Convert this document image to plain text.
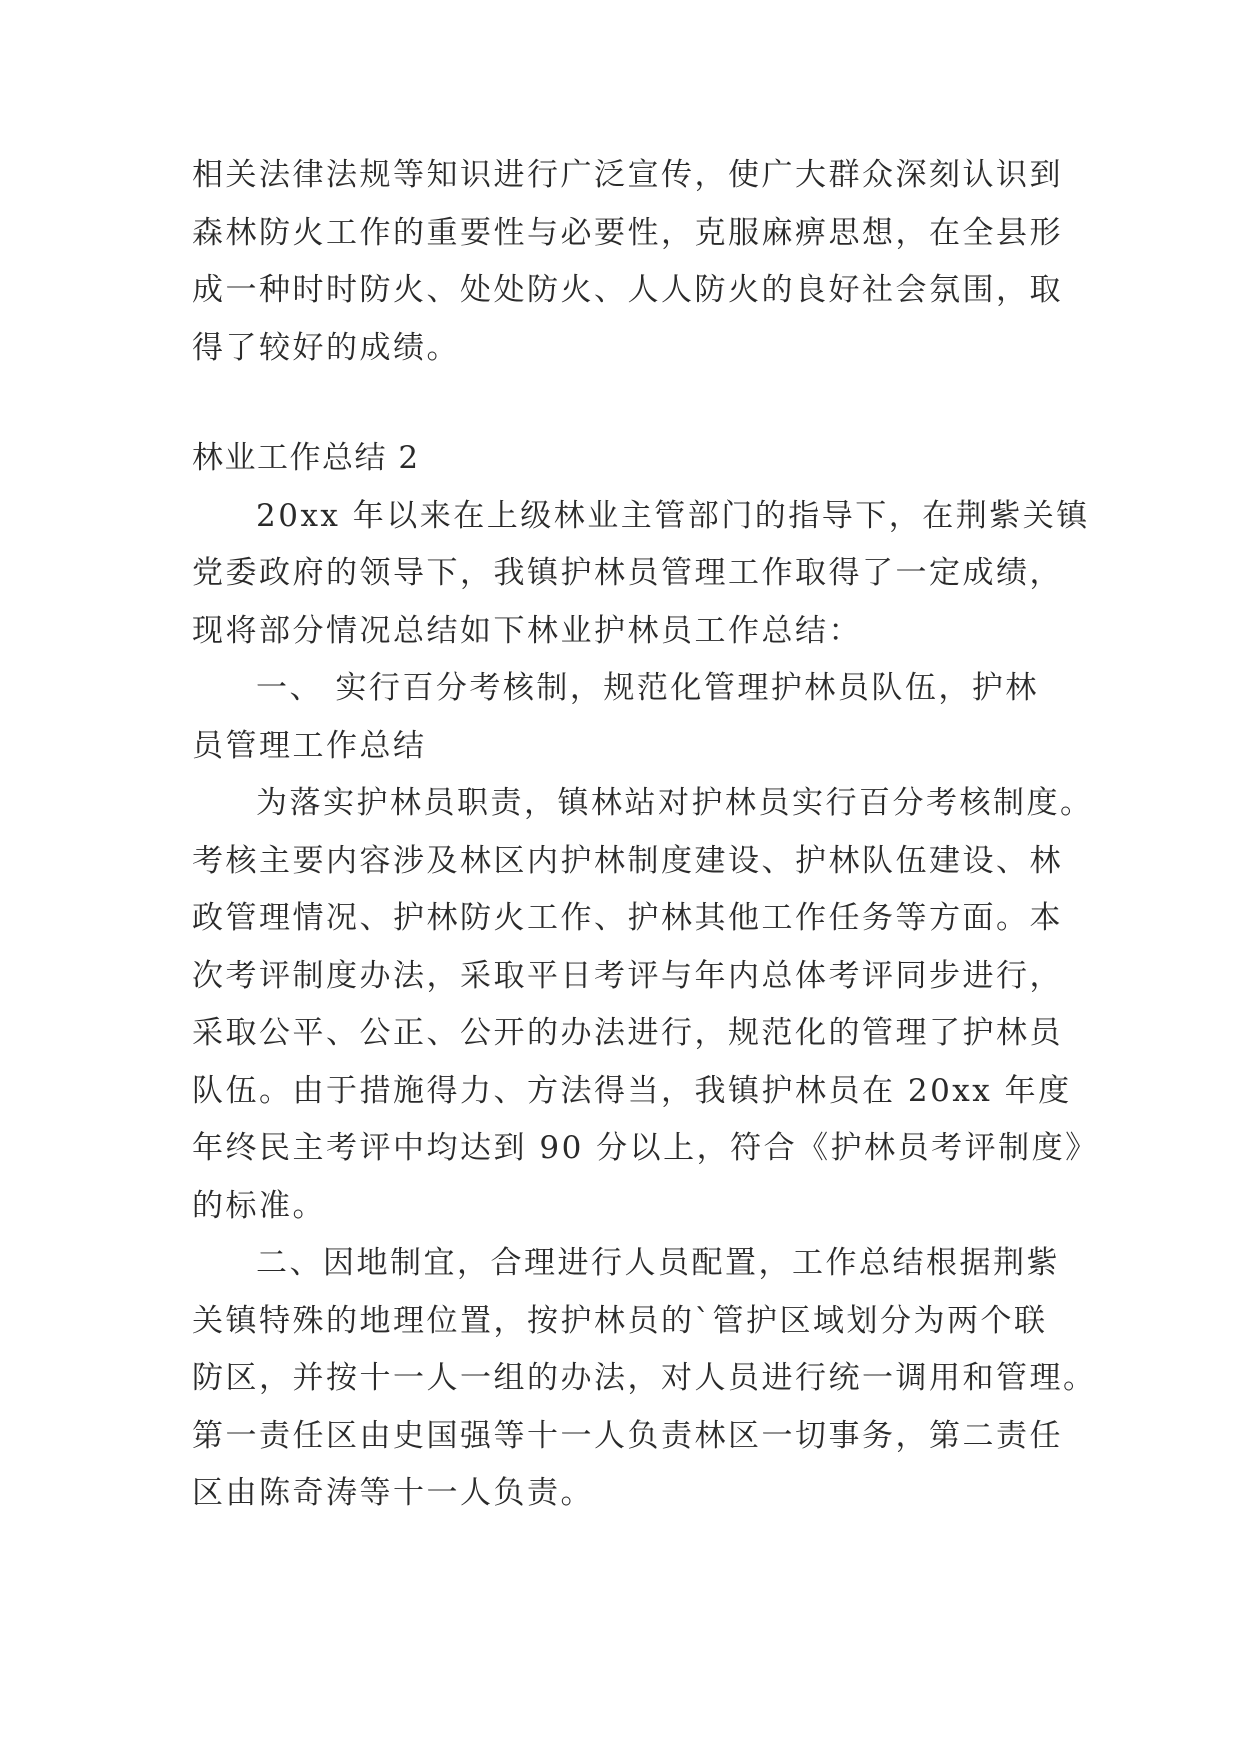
相关法律法规等知识进行广泛宣传，使广大群众深刻认识到
森林防火工作的重要性与必要性，克服麻痹思想，在全县形
成一种时时防火、处处防火、人人防火的良好社会氛围，取
得了较好的成绩。
林业工作总结 2
20xx 年以来在上级林业主管部门的指导下，在荆紫关镇
党委政府的领导下，我镇护林员管理工作取得了一定成绩，
现将部分情况总结如下林业护林员工作总结：
一、 实行百分考核制，规范化管理护林员队伍，护林
员管理工作总结
为落实护林员职责，镇林站对护林员实行百分考核制度。
考核主要内容涉及林区内护林制度建设、护林队伍建设、林
政管理情况、护林防火工作、护林其他工作任务等方面。本
次考评制度办法，采取平日考评与年内总体考评同步进行，
采取公平、公正、公开的办法进行，规范化的管理了护林员
队伍。由于措施得力、方法得当，我镇护林员在 20xx 年度
年终民主考评中均达到 90 分以上，符合《护林员考评制度》
的标准。
二、因地制宜，合理进行人员配置，工作总结根据荆紫
关镇特殊的地理位置，按护林员的`管护区域划分为两个联
防区，并按十一人一组的办法，对人员进行统一调用和管理。
第一责任区由史国强等十一人负责林区一切事务，第二责任
区由陈奇涛等十一人负责。
